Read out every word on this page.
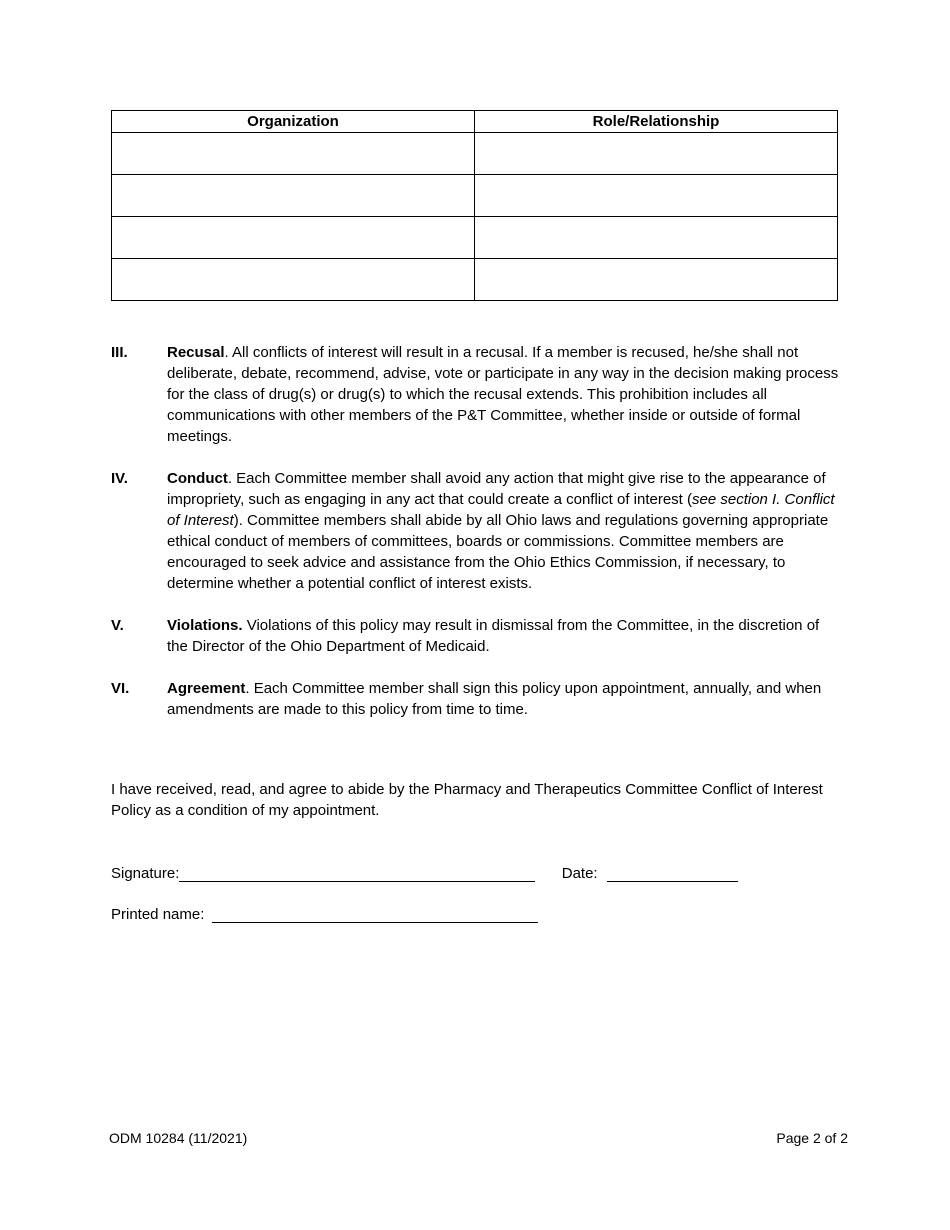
Organization	Role/Relationship

III.	Recusal. All conflicts of interest will result in a recusal. If a member is recused, he/she shall not deliberate, debate, recommend, advise, vote or participate in any way in the decision making process for the class of drug(s) or drug(s) to which the recusal extends. This prohibition includes all communications with other members of the P&T Committee, whether inside or outside of formal meetings.
IV.	Conduct. Each Committee member shall avoid any action that might give rise to the appearance of impropriety, such as engaging in any act that could create a conflict of interest (see section I. Conflict of Interest). Committee members shall abide by all Ohio laws and regulations governing appropriate ethical conduct of members of committees, boards or commissions. Committee members are encouraged to seek advice and assistance from the Ohio Ethics Commission, if necessary, to determine whether a potential conflict of interest exists.
V.	Violations. Violations of this policy may result in dismissal from the Committee, in the discretion of the Director of the Ohio Department of Medicaid.
VI.	Agreement. Each Committee member shall sign this policy upon appointment, annually, and when amendments are made to this policy from time to time.
I have received, read, and agree to abide by the Pharmacy and Therapeutics Committee Conflict of Interest Policy as a condition of my appointment.
Signature:	Date:
Printed name:
ODM 10284 (11/2021)	Page 2 of 2
